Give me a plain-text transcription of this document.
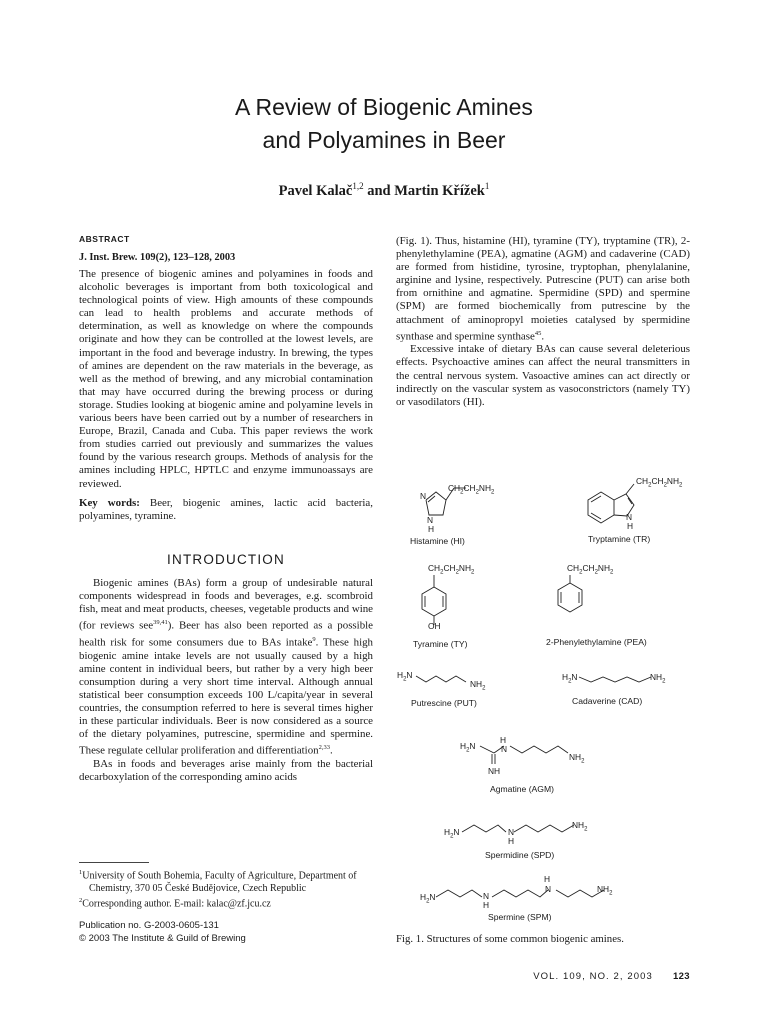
A Review of Biogenic Amines
and Polyamines in Beer
Pavel Kalač$^{1,2}$ and Martin Křížek$^1$
ABSTRACT
J. Inst. Brew. 109(2), 123–128, 2003

The presence of biogenic amines and polyamines in foods and alcoholic beverages is important from both toxicological and technological points of view. High amounts of these compounds can lead to health problems and accurate methods of determination, as well as knowledge on where the compounds originate and how they can be controlled at the lowest levels, are important in the food and beverage industry. In brewing, the types of amines are dependent on the raw materials in the beverage, as well as the method of brewing, and any microbial contamination that may have occurred during the brewing process or during storage. Studies looking at biogenic amine and polyamine levels in various beers have been carried out by a number of researchers in Europe, Brazil, Canada and Cuba. This paper reviews the work from studies carried out previously and summarizes the values found by the various research groups. Methods of analysis for the amines including HPLC, HPTLC and enzyme immunoassays are reviewed.

Key words: Beer, biogenic amines, lactic acid bacteria, polyamines, tyramine.

INTRODUCTION

Biogenic amines (BAs) form a group of undesirable natural components widespread in foods and beverages, e.g. scombroid fish, meat and meat products, cheeses, vegetable products and wine (for reviews see$^{39,41}$). Beer has also been reported as a possible health risk for some consumers due to BAs intake$^9$. These high biogenic amine intake levels are not usually caused by a high amine content in individual beers, but rather by a very high beer consumption during a very short time interval. Although annual statistical beer consumption exceeds 100 L/capita/year in several countries, the consumption referred to here is several times higher in these particular individuals. Beer is now considered as a source of the dietary polyamines, putrescine, spermidine and spermine. These regulate cellular proliferation and differentiation$^{2,33}$.

BAs in foods and beverages arise mainly from the bacterial decarboxylation of the corresponding amino acids

$^1$University of South Bohemia, Faculty of Agriculture, Department of Chemistry, 370 05 České Budějovice, Czech Republic
$^2$Corresponding author. E-mail: kalac@zf.jcu.cz
Publication no. G-2003-0605-131
© 2003 The Institute & Guild of Brewing

(Fig. 1). Thus, histamine (HI), tyramine (TY), tryptamine (TR), 2-phenylethylamine (PEA), agmatine (AGM) and cadaverine (CAD) are formed from histidine, tyrosine, tryptophan, phenylalanine, arginine and lysine, respectively. Putrescine (PUT) can arise both from ornithine and agmatine. Spermidine (SPD) and spermine (SPM) are formed biochemically from putrescine by the attachment of aminopropyl moieties catalysed by spermidine synthase and spermine synthase$^{45}$.

Excessive intake of dietary BAs can cause several deleterious effects. Psychoactive amines can affect the neural transmitters in the central nervous system. Vasoactive amines can act directly or indirectly on the vascular system as vasoconstrictors (namely TY) or vasodilators (HI).

N
N
H
$CH_2CH_2NH_2$
$CH_2CH_2NH_2$
N
H
$CH_2CH_2NH_2$
OH
$CH_2CH_2NH_2$
$H_2N$
$NH_2$
$H_2N$	$NH_2$
H
$H_2N$	N
NH
$NH_2$
$H_2N$	N
H
$NH_2$
H
$H_2N$	N
H
N	$NH_2$
Histamine (HI)	Tryptamine (TR)
Tyramine (TY)	2-Phenylethylamine (PEA)
Putrescine (PUT)	Cadaverine (CAD)
Agmatine (AGM)
Spermidine (SPD)
Spermine (SPM)
Fig. 1. Structures of some common biogenic amines.
VOL. 109, NO. 2, 2003 123
